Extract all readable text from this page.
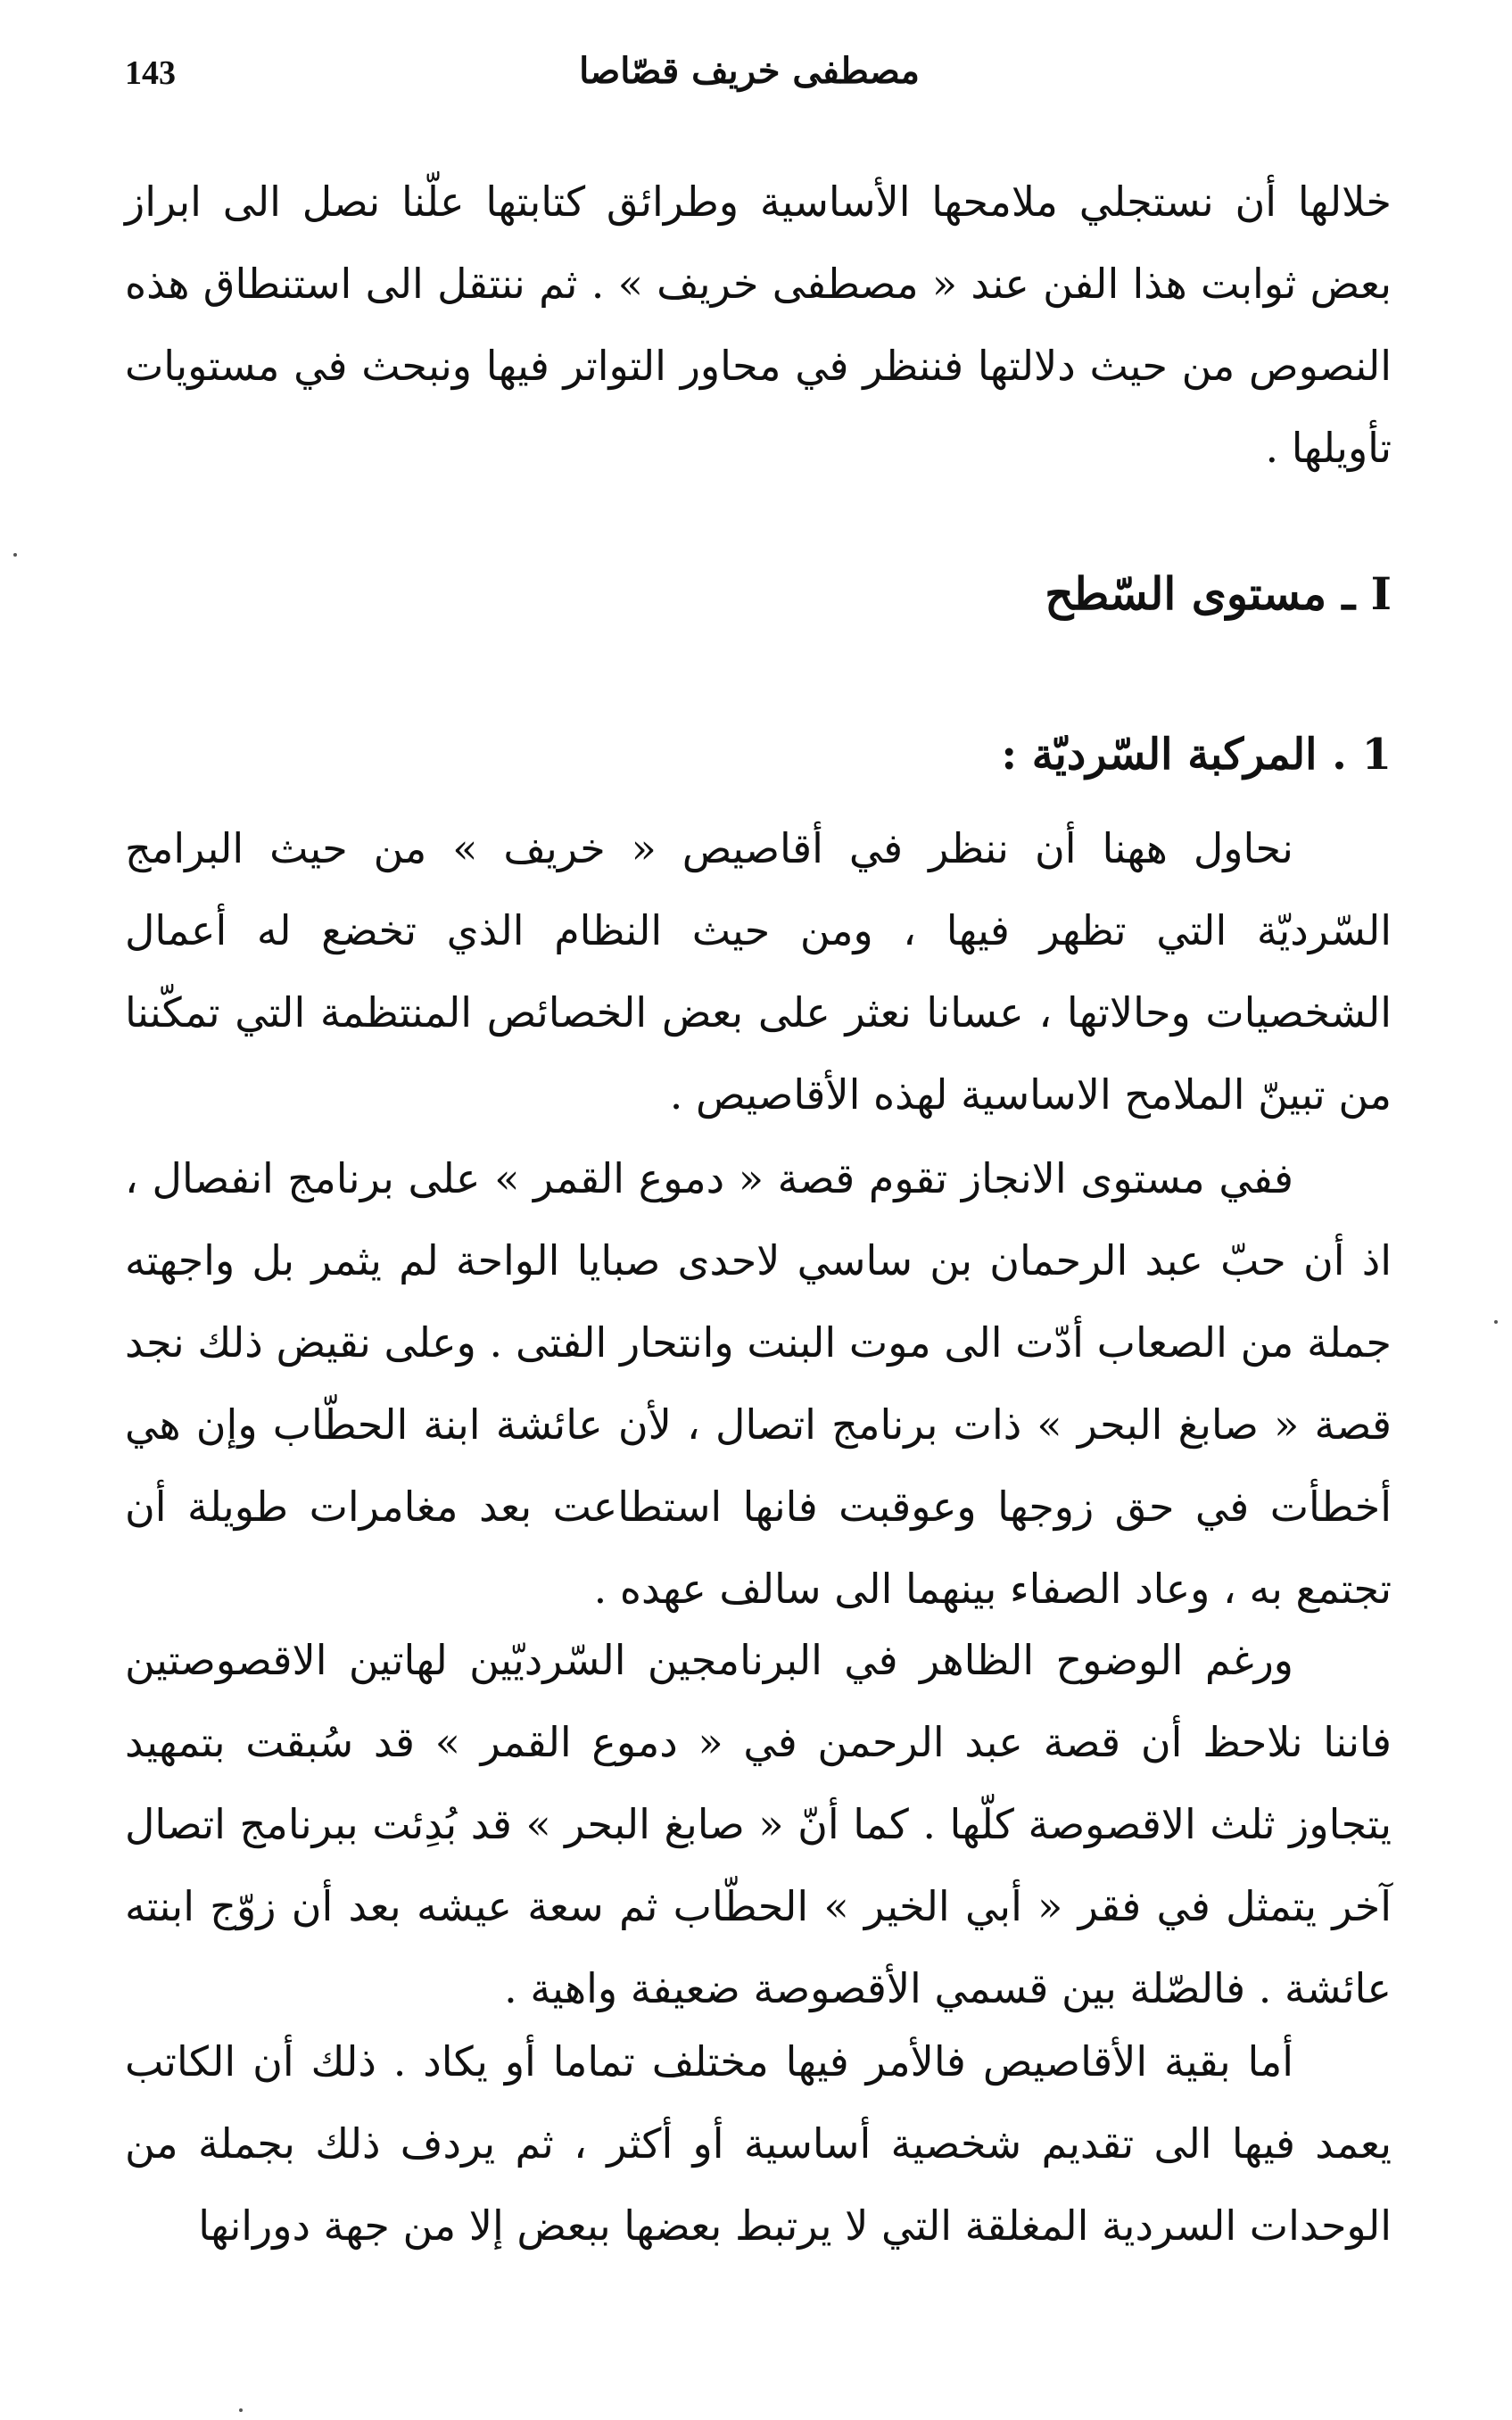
143	مصطفى خريف قصّاصا

خلالها أن نستجلي ملامحها الأساسية وطرائق كتابتها علّنا نصل الى ابراز بعض ثوابت هذا الفن عند « مصطفى خريف » . ثم ننتقل الى استنطاق هذه النصوص من حيث دلالتها فننظر في محاور التواتر فيها ونبحث في مستويات تأويلها .

I ـ مستوى السّطح
1 . المركبة السّرديّة :

نحاول ههنا أن ننظر في أقاصيص « خريف » من حيث البرامج السّرديّة التي تظهر فيها ، ومن حيث النظام الذي تخضع له أعمال الشخصيات وحالاتها ، عسانا نعثر على بعض الخصائص المنتظمة التي تمكّننا من تبينّ الملامح الاساسية لهذه الأقاصيص .

ففي مستوى الانجاز تقوم قصة « دموع القمر » على برنامج انفصال ، اذ أن حبّ عبد الرحمان بن ساسي لاحدى صبايا الواحة لم يثمر بل واجهته جملة من الصعاب أدّت الى موت البنت وانتحار الفتى . وعلى نقيض ذلك نجد قصة « صابغ البحر » ذات برنامج اتصال ، لأن عائشة ابنة الحطّاب وإن هي أخطأت في حق زوجها وعوقبت فانها استطاعت بعد مغامرات طويلة أن تجتمع به ، وعاد الصفاء بينهما الى سالف عهده .

ورغم الوضوح الظاهر في البرنامجين السّرديّين لهاتين الاقصوصتين فاننا نلاحظ أن قصة عبد الرحمن في « دموع القمر » قد سُبقت بتمهيد يتجاوز ثلث الاقصوصة كلّها . كما أنّ « صابغ البحر » قد بُدِئت ببرنامج اتصال آخر يتمثل في فقر « أبي الخير » الحطّاب ثم سعة عيشه بعد أن زوّج ابنته عائشة . فالصّلة بين قسمي الأقصوصة ضعيفة واهية .

أما بقية الأقاصيص فالأمر فيها مختلف تماما أو يكاد . ذلك أن الكاتب يعمد فيها الى تقديم شخصية أساسية أو أكثر ، ثم يردف ذلك بجملة من الوحدات السردية المغلقة التي لا يرتبط بعضها ببعض إلا من جهة دورانها
